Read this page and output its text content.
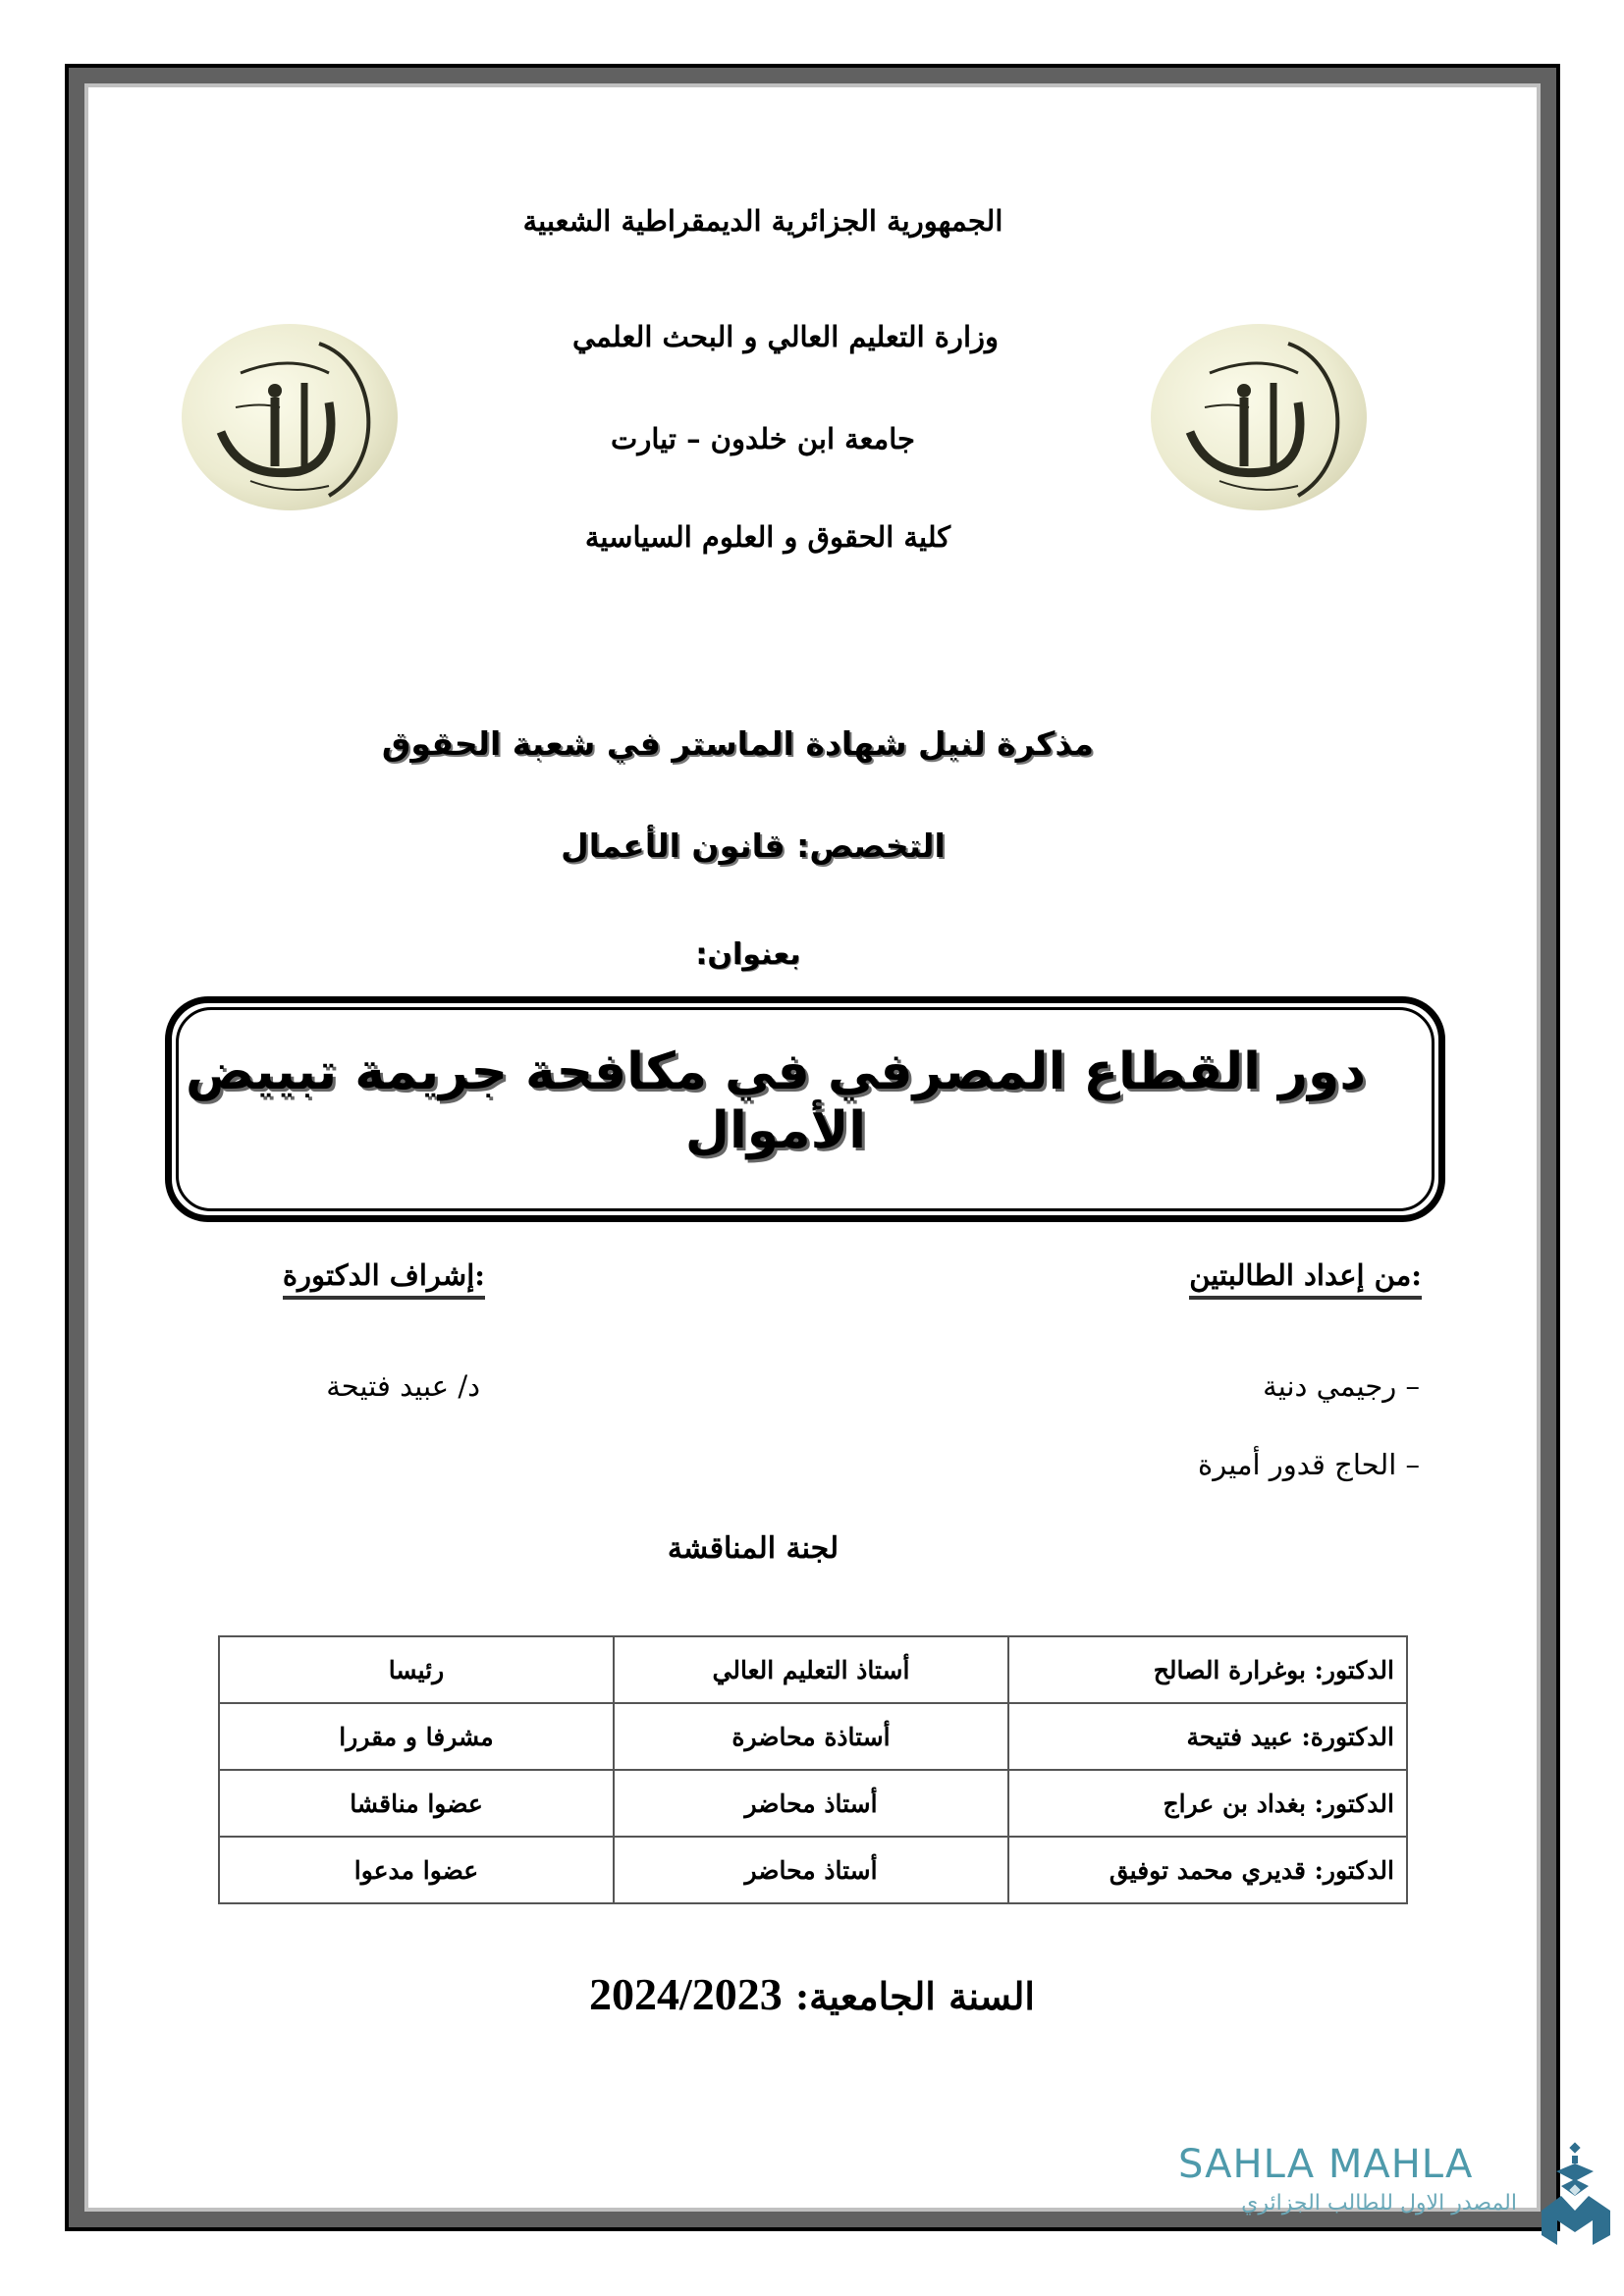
الجمهورية الجزائرية الديمقراطية الشعبية
وزارة التعليم العالي و البحث العلمي
جامعة ابن خلدون – تيارت
كلية الحقوق و العلوم السياسية
مذكرة لنيل شهادة الماستر في شعبة الحقوق
التخصص: قانون الأعمال
بعنوان:
دور القطاع المصرفي في مكافحة جريمة تبييض الأموال
من إعداد الطالبتين:
إشراف الدكتورة:
– رجيمي دنية
– الحاج قدور أميرة
د/ عبيد فتيحة
لجنة المناقشة
الدكتور: بوغرارة الصالح	أستاذ التعليم العالي	رئيسا
الدكتورة: عبيد فتيحة	أستاذة محاضرة	مشرفا و مقررا
الدكتور: بغداد بن عراج	أستاذ محاضر	عضوا مناقشا
الدكتور: قديري محمد توفيق	أستاذ محاضر	عضوا مدعوا
السنة الجامعية: 2024/2023
SAHLA MAHLA
المصدر الاول للطالب الجزائري
